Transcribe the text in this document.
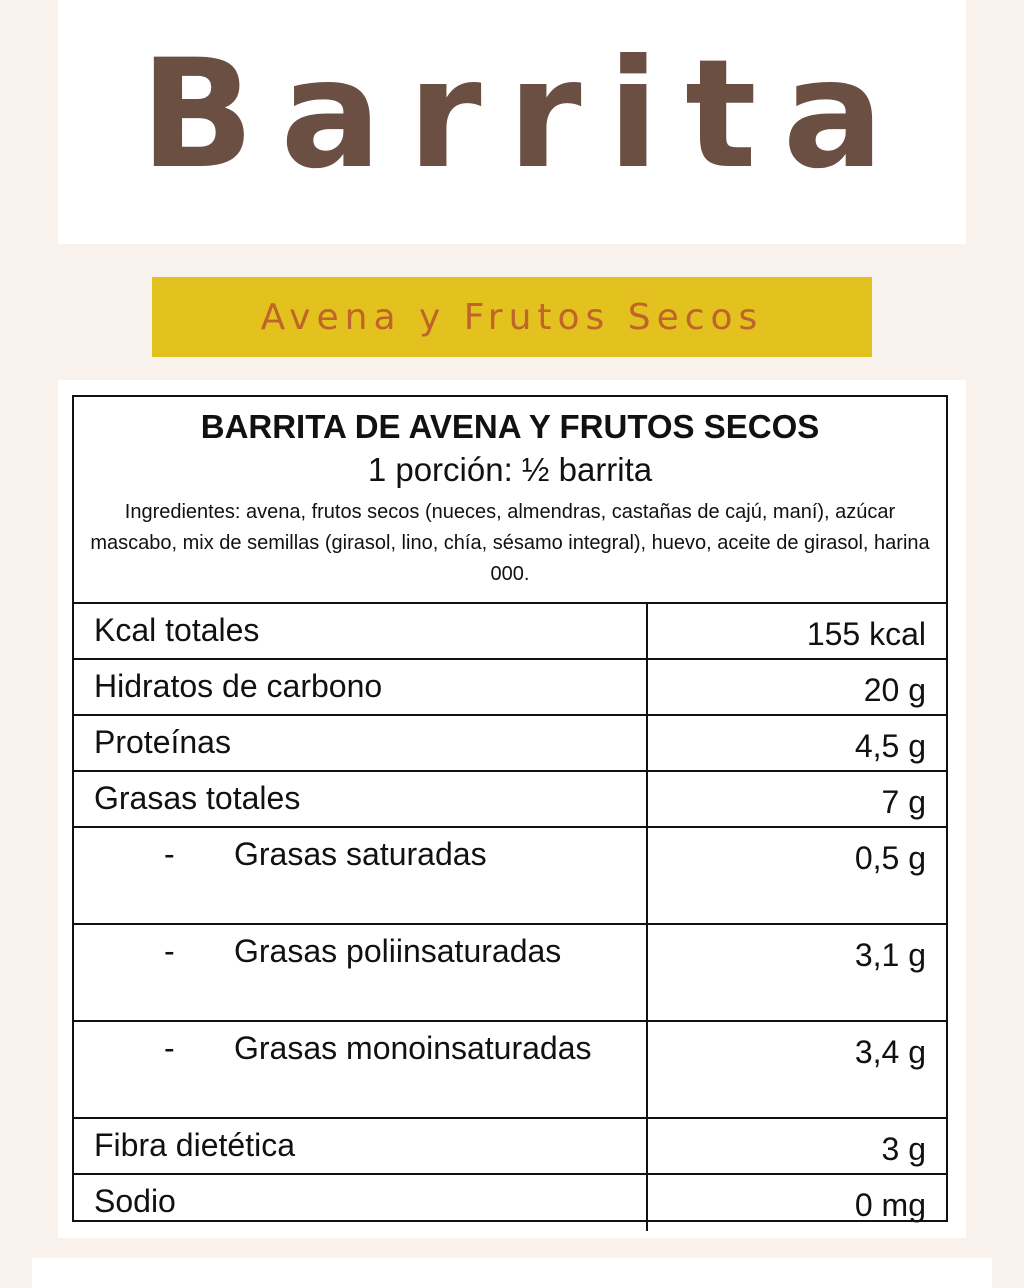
Barrita
Avena y Frutos Secos
BARRITA DE AVENA Y FRUTOS SECOS
1 porción: ½ barrita
Ingredientes: avena, frutos secos (nueces, almendras, castañas de cajú, maní), azúcar mascabo, mix de semillas (girasol, lino, chía, sésamo integral), huevo, aceite de girasol, harina 000.
Kcal totales	155 kcal
Hidratos de carbono	20 g
Proteínas	4,5 g
Grasas totales	7 g
- Grasas saturadas	0,5 g
- Grasas poliinsaturadas	3,1 g
- Grasas monoinsaturadas	3,4 g
Fibra dietética	3 g
Sodio	0 mg
